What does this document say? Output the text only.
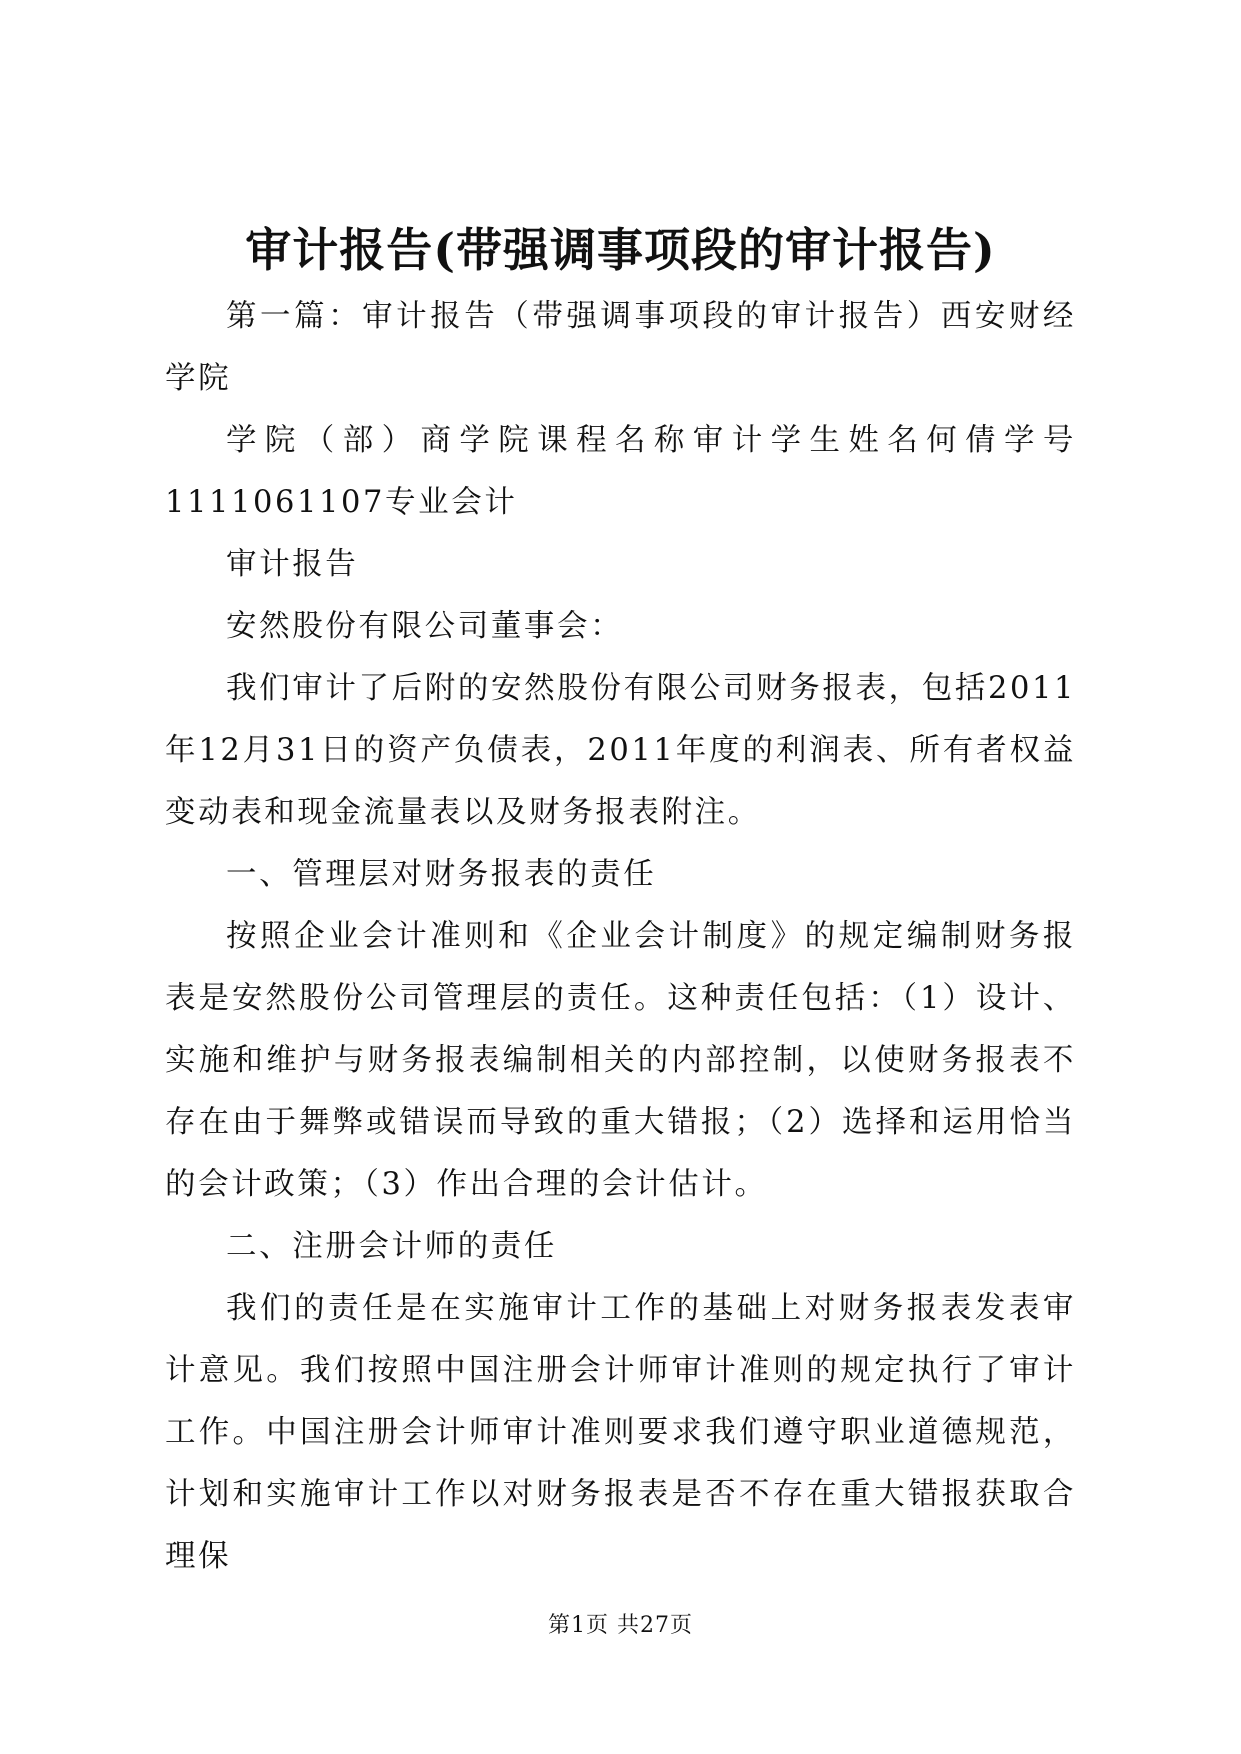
审计报告(带强调事项段的审计报告)

第一篇：审计报告（带强调事项段的审计报告）西安财经学院

学院（部）商学院课程名称审计学生姓名何倩学号1111061107专业会计

审计报告

安然股份有限公司董事会：

我们审计了后附的安然股份有限公司财务报表，包括2011年12月31日的资产负债表，2011年度的利润表、所有者权益变动表和现金流量表以及财务报表附注。

一、管理层对财务报表的责任

按照企业会计准则和《企业会计制度》的规定编制财务报表是安然股份公司管理层的责任。这种责任包括：（1）设计、实施和维护与财务报表编制相关的内部控制，以使财务报表不存在由于舞弊或错误而导致的重大错报；（2）选择和运用恰当的会计政策；（3）作出合理的会计估计。

二、注册会计师的责任

我们的责任是在实施审计工作的基础上对财务报表发表审计意见。我们按照中国注册会计师审计准则的规定执行了审计工作。中国注册会计师审计准则要求我们遵守职业道德规范，计划和实施审计工作以对财务报表是否不存在重大错报获取合理保

第1页 共27页
